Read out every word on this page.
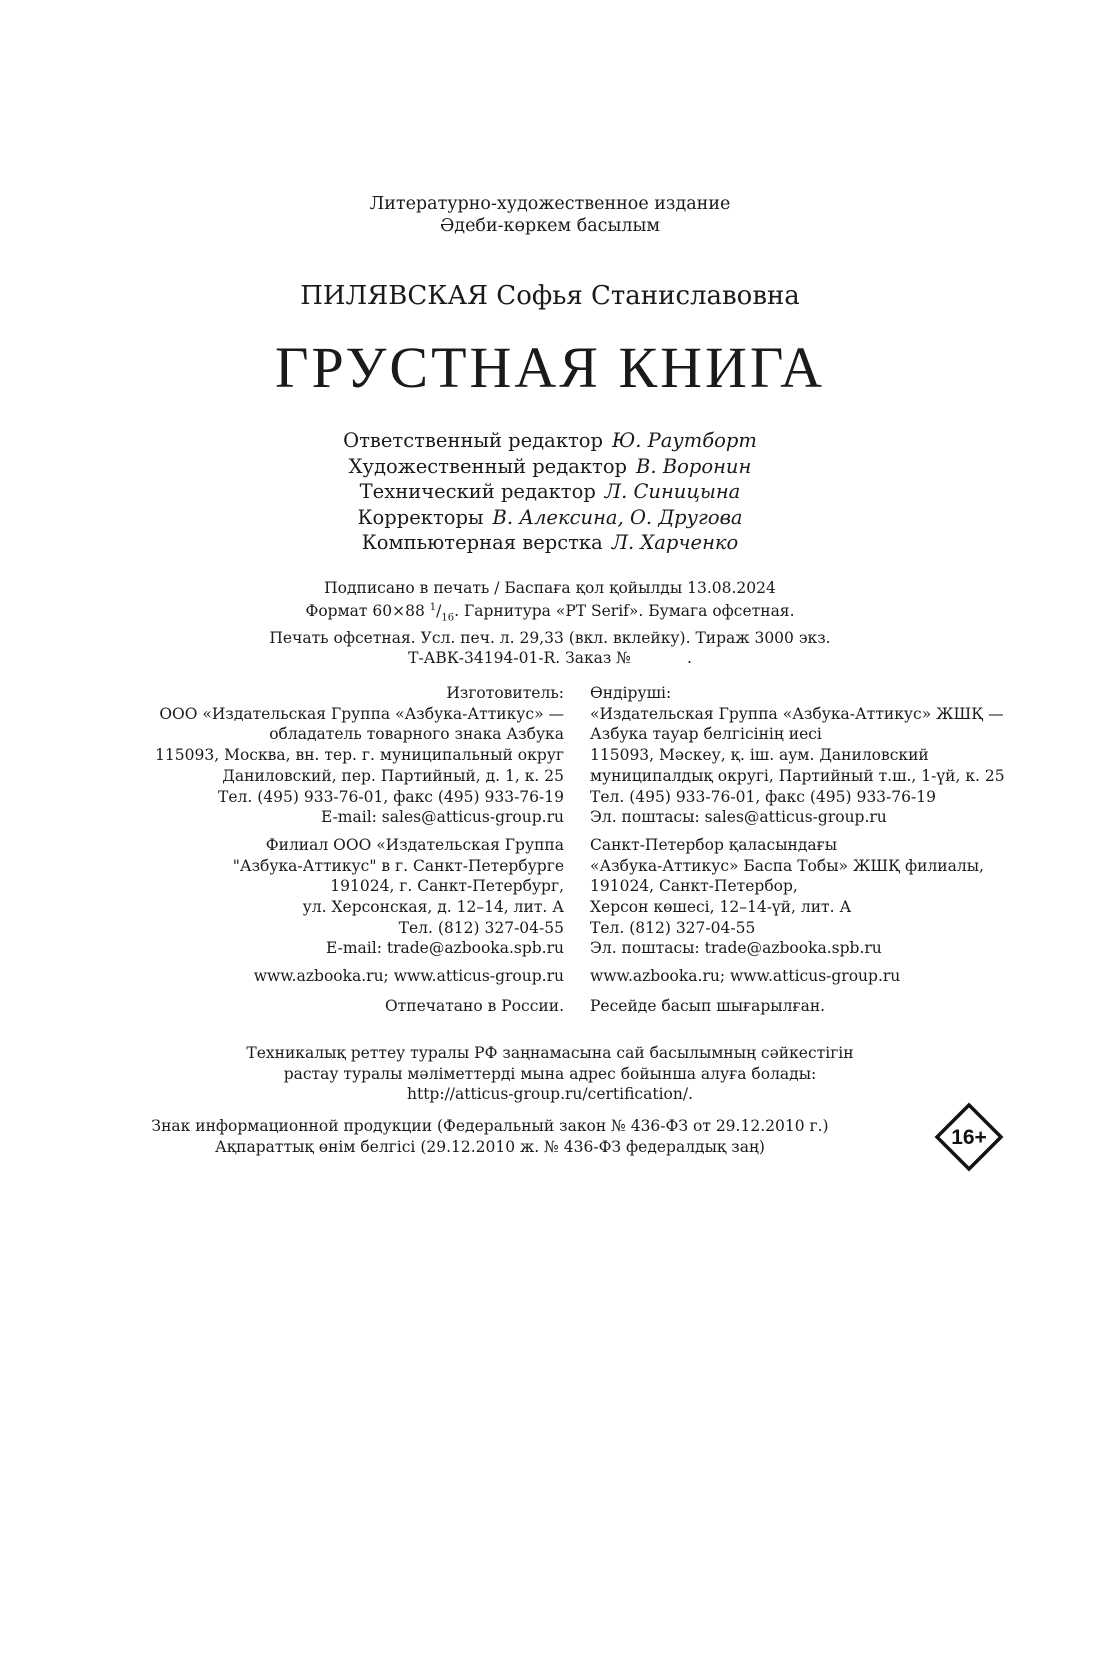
Литературно-художественное издание
Әдеби-көркем басылым
ПИЛЯВСКАЯ Софья Станиславовна
ГРУСТНАЯ КНИГА
Ответственный редактор Ю. Раутборт
Художественный редактор В. Воронин
Технический редактор Л. Синицына
Корректоры В. Алексина, О. Другова
Компьютерная верстка Л. Харченко
Подписано в печать / Баспаға қол қойылды 13.08.2024
Формат 60×88 $^1/_{16}$. Гарнитура «PT Serif». Бумага офсетная.
Печать офсетная. Усл. печ. л. 29,33 (вкл. вклейку). Тираж 3000 экз.
Т-АВК-34194-01-R. Заказ №	.
Изготовитель:
ООО «Издательская Группа «Азбука-Аттикус» —
обладатель товарного знака Азбука
115093, Москва, вн. тер. г. муниципальный округ
Даниловский, пер. Партийный, д. 1, к. 25
Тел. (495) 933-76-01, факс (495) 933-76-19
E-mail: sales@atticus-group.ru
Филиал ООО «Издательская Группа
"Азбука-Аттикус" в г. Санкт-Петербурге
191024, г. Санкт-Петербург,
ул. Херсонская, д. 12–14, лит. А
Тел. (812) 327-04-55
E-mail: trade@azbooka.spb.ru
www.azbooka.ru; www.atticus-group.ru
Отпечатано в России.
Өндіруші:
«Издательская Группа «Азбука-Аттикус» ЖШҚ —
Азбука тауар белгісінің иесі
115093, Мәскеу, қ. іш. аум. Даниловский
муниципалдық округі, Партийный т.ш., 1-үй, к. 25
Тел. (495) 933-76-01, факс (495) 933-76-19
Эл. поштасы: sales@atticus-group.ru
Санкт-Петербор қаласындағы
«Азбука-Аттикус» Баспа Тобы» ЖШҚ филиалы,
191024, Санкт-Петербор,
Херсон көшесі, 12–14-үй, лит. А
Тел. (812) 327-04-55
Эл. поштасы: trade@azbooka.spb.ru
www.azbooka.ru; www.atticus-group.ru
Ресейде басып шығарылған.
Техникалық реттеу туралы РФ заңнамасына сай басылымның сәйкестігін
растау туралы мәліметтерді мына адрес бойынша алуға болады:
http://atticus-group.ru/certification/.
Знак информационной продукции (Федеральный закон № 436-ФЗ от 29.12.2010 г.)
Ақпараттық өнім белгісі (29.12.2010 ж. № 436-ФЗ федералдық заң)	16+
